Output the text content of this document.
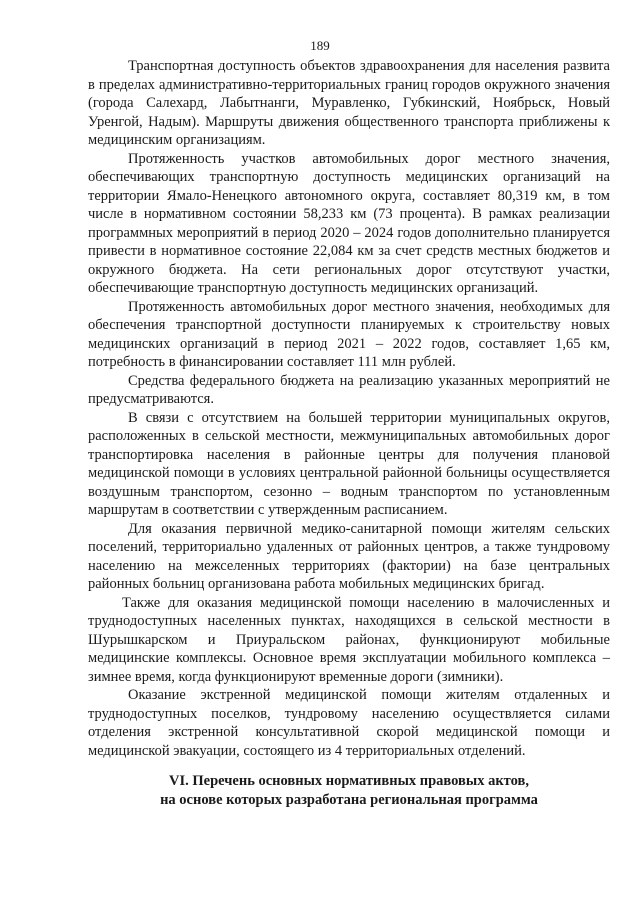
189

Транспортная доступность объектов здравоохранения для населения развита в пределах административно-территориальных границ городов окружного значения (города Салехард, Лабытнанги, Муравленко, Губкинский, Ноябрьск, Новый Уренгой, Надым). Маршруты движения общественного транспорта приближены к медицинским организациям.

Протяженность участков автомобильных дорог местного значения, обеспечивающих транспортную доступность медицинских организаций на территории Ямало-Ненецкого автономного округа, составляет 80,319 км, в том числе в нормативном состоянии 58,233 км (73 процента). В рамках реализации программных мероприятий в период 2020 – 2024 годов дополнительно планируется привести в нормативное состояние 22,084 км за счет средств местных бюджетов и окружного бюджета. На сети региональных дорог отсутствуют участки, обеспечивающие транспортную доступность медицинских организаций.

Протяженность автомобильных дорог местного значения, необходимых для обеспечения транспортной доступности планируемых к строительству новых медицинских организаций в период 2021 – 2022 годов, составляет 1,65 км, потребность в финансировании составляет 111 млн рублей.

Средства федерального бюджета на реализацию указанных мероприятий не предусматриваются.

В связи с отсутствием на большей территории муниципальных округов, расположенных в сельской местности, межмуниципальных автомобильных дорог транспортировка населения в районные центры для получения плановой медицинской помощи в условиях центральной районной больницы осуществляется воздушным транспортом, сезонно – водным транспортом по установленным маршрутам в соответствии с утвержденным расписанием.

Для оказания первичной медико-санитарной помощи жителям сельских поселений, территориально удаленных от районных центров, а также тундровому населению на межселенных территориях (фактории) на базе центральных районных больниц организована работа мобильных медицинских бригад.

Также для оказания медицинской помощи населению в малочисленных и труднодоступных населенных пунктах, находящихся в сельской местности в Шурышкарском и Приуральском районах, функционируют мобильные медицинские комплексы. Основное время эксплуатации мобильного комплекса – зимнее время, когда функционируют временные дороги (зимники).

Оказание экстренной медицинской помощи жителям отдаленных и труднодоступных поселков, тундровому населению осуществляется силами отделения экстренной консультативной скорой медицинской помощи и медицинской эвакуации, состоящего из 4 территориальных отделений.

VI. Перечень основных нормативных правовых актов,
на основе которых разработана региональная программа
